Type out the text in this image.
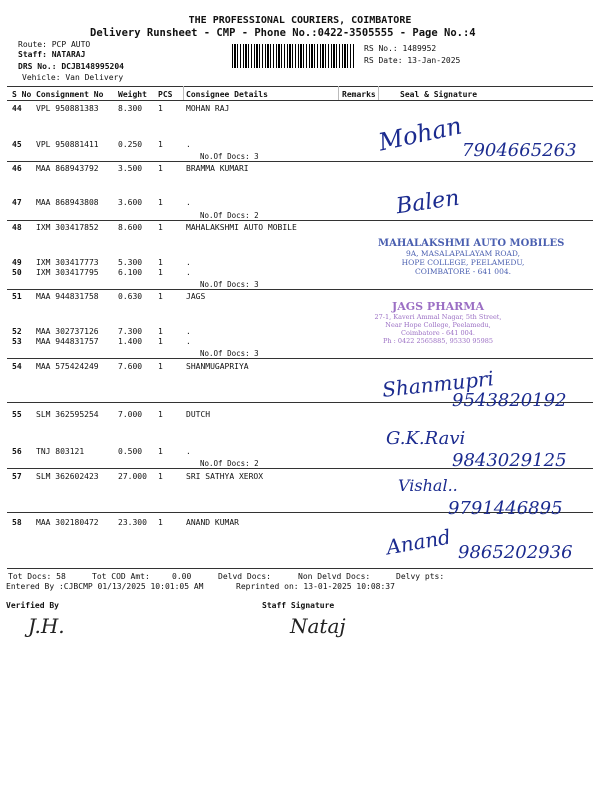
THE PROFESSIONAL COURIERS, COIMBATORE
Delivery Runsheet - CMP - Phone No.:0422-3505555 - Page No.:4
Route: PCP AUTO
Staff: NATARAJ
DRS No.: DCJB148995204
Vehicle: Van Delivery
RS No.: 1489952
RS Date: 13-Jan-2025
S No Consignment No Weight PCS Consignee Details	Remarks	Seal & Signature
44 VPL 950881383 8.300 1	MOHAN RAJ
45 VPL 950881411 0.250 1	.
No.Of Docs: 3
46 MAA 868943792 3.500 1	BRAMMA KUMARI
47 MAA 868943808 3.600 1	.
No.Of Docs: 2
48 IXM 303417852 8.600 1	MAHALAKSHMI AUTO MOBILE
49 IXM 303417773 5.300 1	.
50 IXM 303417795 6.100 1	.
No.Of Docs: 3
51 MAA 944831758 0.630 1	JAGS
52 MAA 302737126 7.300 1	.
53 MAA 944831757 1.400 1	.
No.Of Docs: 3
54 MAA 575424249 7.600 1	SHANMUGAPRIYA
55 SLM 362595254 7.000 1	DUTCH
56 TNJ 803121	0.500 1	.
No.Of Docs: 2
57 SLM 362602423 27.000 1	SRI SATHYA XEROX
58 MAA 302180472 23.300 1	ANAND KUMAR
MAHALAKSHMI AUTO MOBILES
9A, MASALAPALAYAM ROAD,
HOPE COLLEGE, PEELAMEDU,
COIMBATORE - 641 004.
JAGS PHARMA
27-1, Kaveri Ammal Nagar, 5th Street,
Near Hope College, Peelamedu,
Coimbatore - 641 004.
Ph : 0422 2565885, 95330 95985
Mohan
7904665263
Balen
Shanmupri
9543820192
G.K.Ravi
9843029125
Vishal..
9791446895
Anand 9865202936
Tot Docs: 58	Tot COD Amt:	0.00	Delvd Docs:	Non Delvd Docs:	Delvy pts:
Entered By :CJBCMP 01/13/2025 10:01:05 AM	Reprinted on: 13-01-2025 10:08:37
Verified By	Staff Signature
J.H.	Nataj
